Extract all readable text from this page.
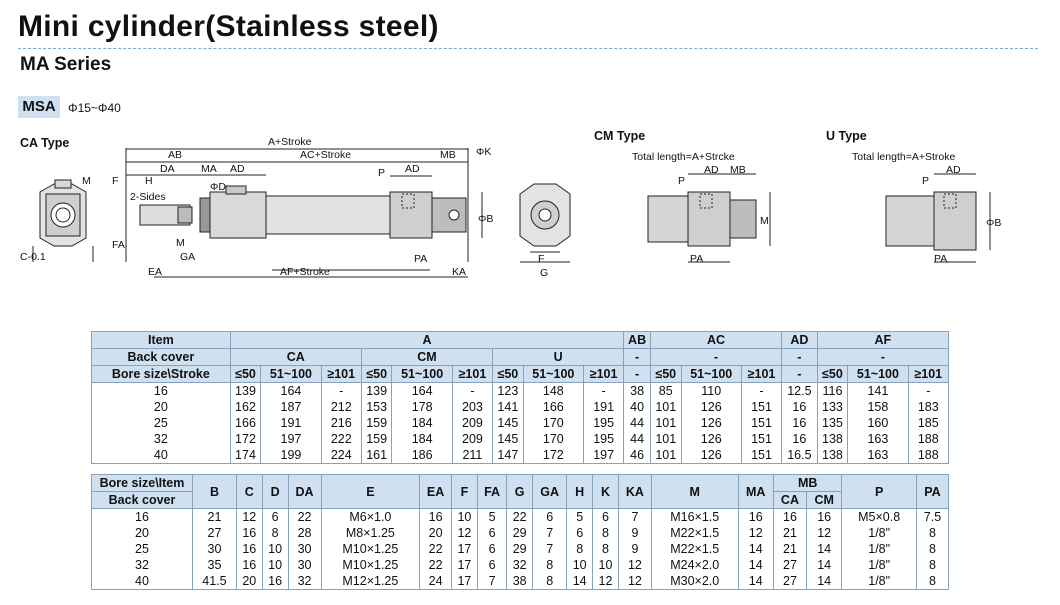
Mini cylinder(Stainless steel)
MA Series
MSA	Φ15~Φ40
CA Type	CM Type	U Type
A+Stroke
AB	AC+Stroke	MB ΦK
DA	MA AD
M F	H
2-Sides
ΦD
P AD
ΦB
FA	M
GA
C-0.1
EA	AF+Stroke
PA
KA
F
G
Total length=A+Strcke
AD MB
P
M
PA
Total length=A+Stroke
AD
P
ΦB
PA
Item	A									AB	AC			AD	AF		
Back cover	CA			CM			U			-	-			-	-		
Bore size\Stroke	≤50	51~100	≥101	≤50	51~100	≥101	≤50	51~100	≥101	-	≤50	51~100	≥101	-	≤50	51~100	≥101
16	139	164	-	139	164	-	123	148	-	38	85	110	-	12.5	116	141	-
20	162	187	212	153	178	203	141	166	191	40	101	126	151	16	133	158	183
25	166	191	216	159	184	209	145	170	195	44	101	126	151	16	135	160	185
32	172	197	222	159	184	209	145	170	195	44	101	126	151	16	138	163	188
40	174	199	224	161	186	211	147	172	197	46	101	126	151	16.5	138	163	188
Bore size\Item	B	C	D	DA	E	EA	F	FA	G	GA	H	K	KA	M	MA	MB		P	PA
Back cover																CA	CM		
16	21	12	6	22	M6×1.0	16	10	5	22	6	5	6	7	M16×1.5	16	16	16	M5×0.8	7.5
20	27	16	8	28	M8×1.25	20	12	6	29	7	6	8	9	M22×1.5	12	21	12	1/8"	8
25	30	16	10	30	M10×1.25	22	17	6	29	7	8	8	9	M22×1.5	14	21	14	1/8"	8
32	35	16	10	30	M10×1.25	22	17	6	32	8	10	10	12	M24×2.0	14	27	14	1/8"	8
40	41.5	20	16	32	M12×1.25	24	17	7	38	8	14	12	12	M30×2.0	14	27	14	1/8"	8
